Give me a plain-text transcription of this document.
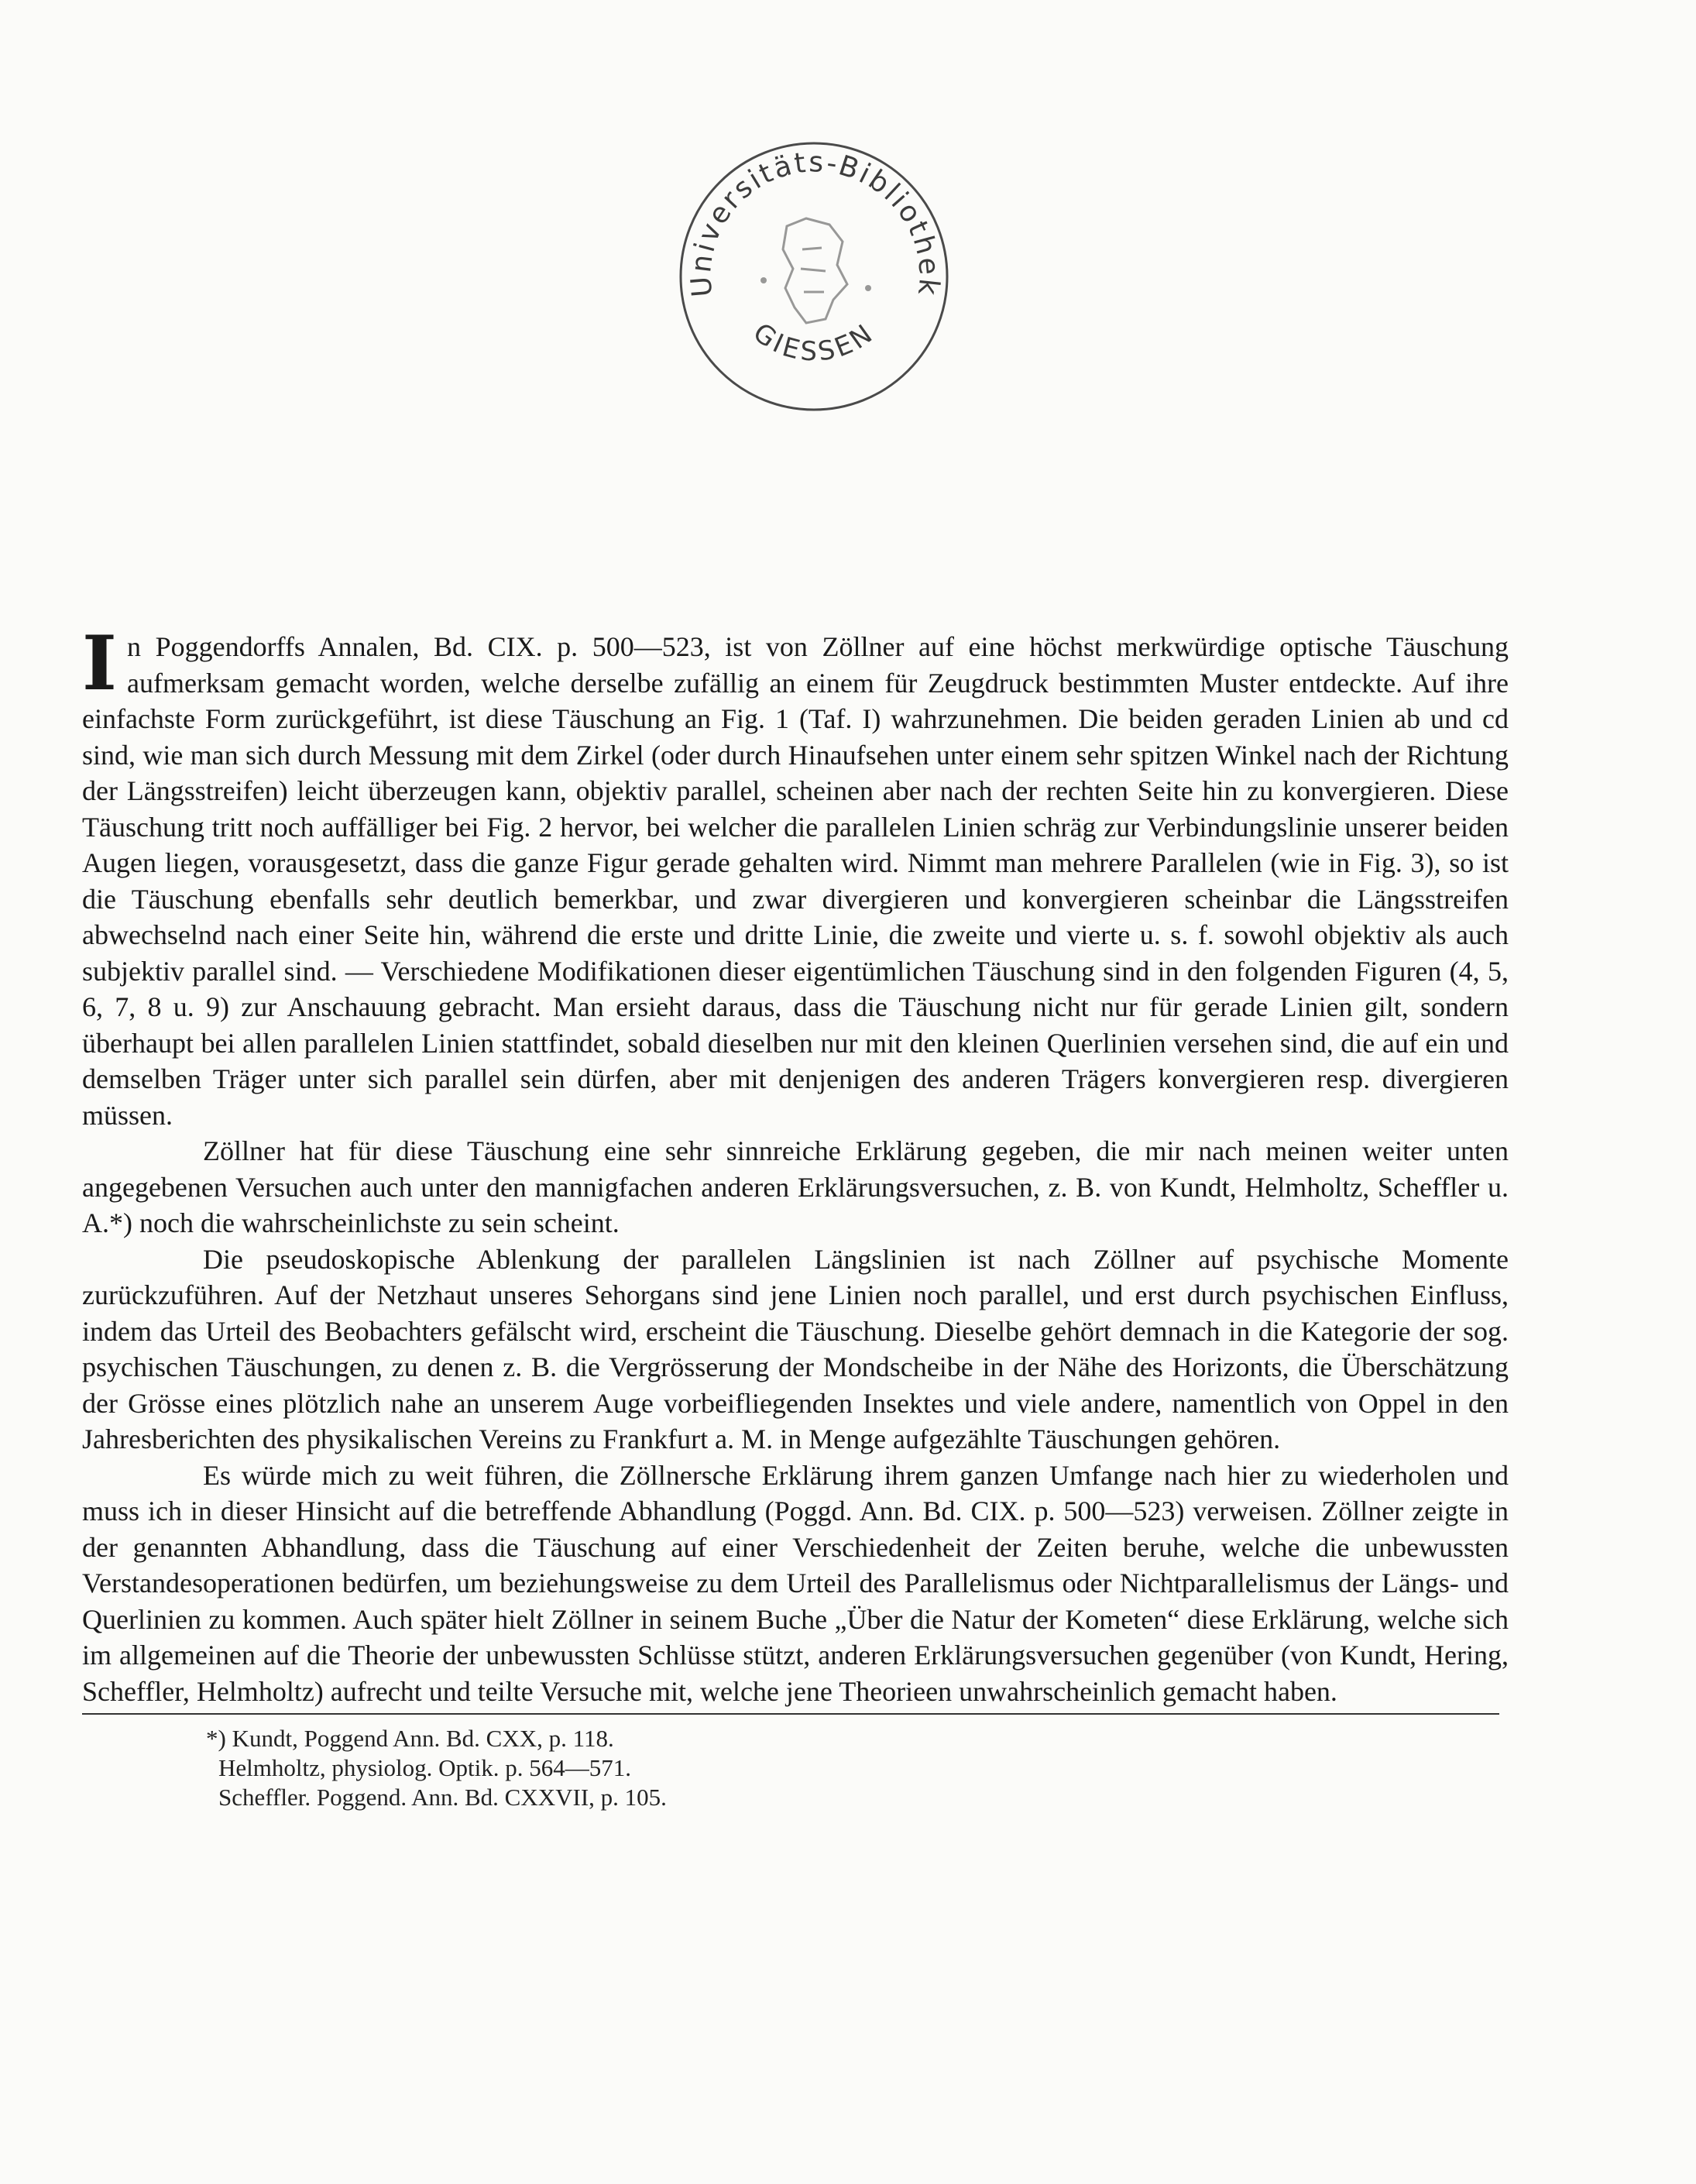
Universitäts-Bibliothek
GIESSEN

In Poggendorffs Annalen, Bd. CIX. p. 500—523, ist von Zöllner auf eine höchst merkwürdige optische Täuschung aufmerksam gemacht worden, welche derselbe zufällig an einem für Zeugdruck bestimmten Muster entdeckte. Auf ihre einfachste Form zurückgeführt, ist diese Täuschung an Fig. 1 (Taf. I) wahrzunehmen. Die beiden geraden Linien ab und cd sind, wie man sich durch Messung mit dem Zirkel (oder durch Hinaufsehen unter einem sehr spitzen Winkel nach der Richtung der Längsstreifen) leicht überzeugen kann, objektiv parallel, scheinen aber nach der rechten Seite hin zu konvergieren. Diese Täuschung tritt noch auffälliger bei Fig. 2 hervor, bei welcher die parallelen Linien schräg zur Verbindungslinie unserer beiden Augen liegen, vorausgesetzt, dass die ganze Figur gerade gehalten wird. Nimmt man mehrere Parallelen (wie in Fig. 3), so ist die Täuschung ebenfalls sehr deutlich bemerkbar, und zwar divergieren und konvergieren scheinbar die Längsstreifen abwechselnd nach einer Seite hin, während die erste und dritte Linie, die zweite und vierte u. s. f. sowohl objektiv als auch subjektiv parallel sind. — Verschiedene Modifikationen dieser eigentümlichen Täuschung sind in den folgenden Figuren (4, 5, 6, 7, 8 u. 9) zur Anschauung gebracht. Man ersieht daraus, dass die Täuschung nicht nur für gerade Linien gilt, sondern überhaupt bei allen parallelen Linien stattfindet, sobald dieselben nur mit den kleinen Querlinien versehen sind, die auf ein und demselben Träger unter sich parallel sein dürfen, aber mit denjenigen des anderen Trägers konvergieren resp. divergieren müssen.

Zöllner hat für diese Täuschung eine sehr sinnreiche Erklärung gegeben, die mir nach meinen weiter unten angegebenen Versuchen auch unter den mannigfachen anderen Erklärungsversuchen, z. B. von Kundt, Helmholtz, Scheffler u. A.*) noch die wahrscheinlichste zu sein scheint.

Die pseudoskopische Ablenkung der parallelen Längslinien ist nach Zöllner auf psychische Momente zurückzuführen. Auf der Netzhaut unseres Sehorgans sind jene Linien noch parallel, und erst durch psychischen Einfluss, indem das Urteil des Beobachters gefälscht wird, erscheint die Täuschung. Dieselbe gehört demnach in die Kategorie der sog. psychischen Täuschungen, zu denen z. B. die Vergrösserung der Mondscheibe in der Nähe des Horizonts, die Überschätzung der Grösse eines plötzlich nahe an unserem Auge vorbeifliegenden Insektes und viele andere, namentlich von Oppel in den Jahresberichten des physikalischen Vereins zu Frankfurt a. M. in Menge aufgezählte Täuschungen gehören.

Es würde mich zu weit führen, die Zöllnersche Erklärung ihrem ganzen Umfange nach hier zu wiederholen und muss ich in dieser Hinsicht auf die betreffende Abhandlung (Poggd. Ann. Bd. CIX. p. 500—523) verweisen. Zöllner zeigte in der genannten Abhandlung, dass die Täuschung auf einer Verschiedenheit der Zeiten beruhe, welche die unbewussten Verstandesoperationen bedürfen, um beziehungsweise zu dem Urteil des Parallelismus oder Nichtparallelismus der Längs- und Querlinien zu kommen. Auch später hielt Zöllner in seinem Buche „Über die Natur der Kometen“ diese Erklärung, welche sich im allgemeinen auf die Theorie der unbewussten Schlüsse stützt, anderen Erklärungsversuchen gegenüber (von Kundt, Hering, Scheffler, Helmholtz) aufrecht und teilte Versuche mit, welche jene Theorieen unwahrscheinlich gemacht haben.

*) Kundt, Poggend Ann. Bd. CXX, p. 118.
Helmholtz, physiolog. Optik. p. 564—571.
Scheffler. Poggend. Ann. Bd. CXXVII, p. 105.
